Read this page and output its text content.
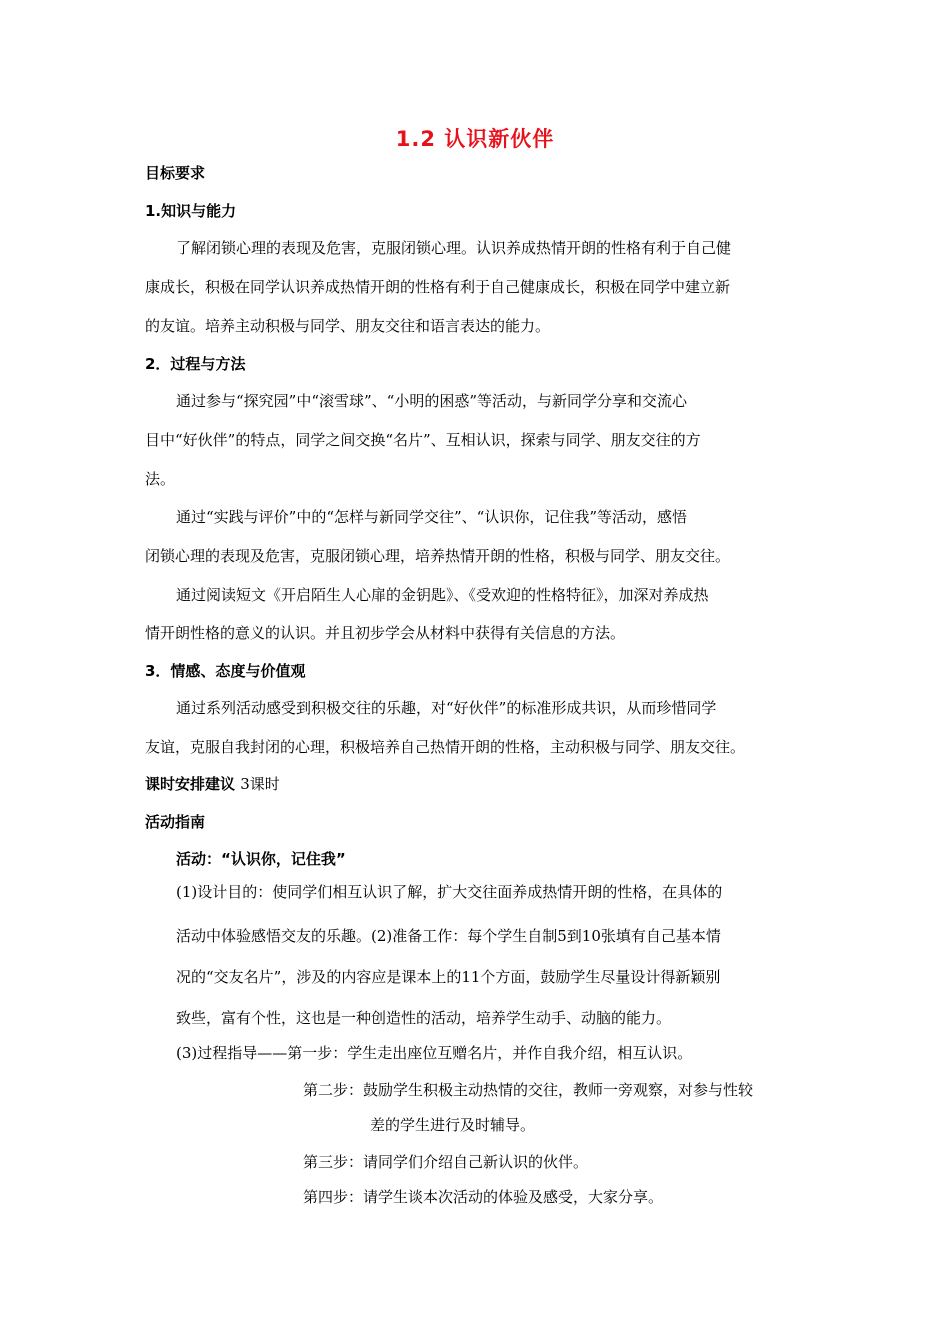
1.2 认识新伙伴
目标要求
1.知识与能力
了解闭锁心理的表现及危害，克服闭锁心理。认识养成热情开朗的性格有利于自己健
康成长，积极在同学认识养成热情开朗的性格有利于自己健康成长，积极在同学中建立新
的友谊。培养主动积极与同学、朋友交往和语言表达的能力。
2．过程与方法
通过参与“探究园”中“滚雪球”、“小明的困惑”等活动，与新同学分享和交流心
目中“好伙伴”的特点，同学之间交换“名片”、互相认识，探索与同学、朋友交往的方
法。
通过“实践与评价”中的“怎样与新同学交往”、“认识你，记住我”等活动，感悟
闭锁心理的表现及危害，克服闭锁心理，培养热情开朗的性格，积极与同学、朋友交往。
通过阅读短文《开启陌生人心扉的金钥匙》、《受欢迎的性格特征》，加深对养成热
情开朗性格的意义的认识。并且初步学会从材料中获得有关信息的方法。
3．情感、态度与价值观
通过系列活动感受到积极交往的乐趣，对“好伙伴”的标准形成共识，从而珍惜同学
友谊，克服自我封闭的心理，积极培养自己热情开朗的性格，主动积极与同学、朋友交往。
课时安排建议 3课时
活动指南
活动：“认识你，记住我”
(1)设计目的：使同学们相互认识了解，扩大交往面养成热情开朗的性格，在具体的
活动中体验感悟交友的乐趣。(2)准备工作：每个学生自制5到10张填有自己基本情
况的“交友名片”，涉及的内容应是课本上的11个方面，鼓励学生尽量设计得新颖别
致些，富有个性，这也是一种创造性的活动，培养学生动手、动脑的能力。
(3)过程指导——第一步：学生走出座位互赠名片，并作自我介绍，相互认识。
第二步：鼓励学生积极主动热情的交往，教师一旁观察，对参与性较
差的学生进行及时辅导。
第三步：请同学们介绍自己新认识的伙伴。
第四步：请学生谈本次活动的体验及感受，大家分享。
